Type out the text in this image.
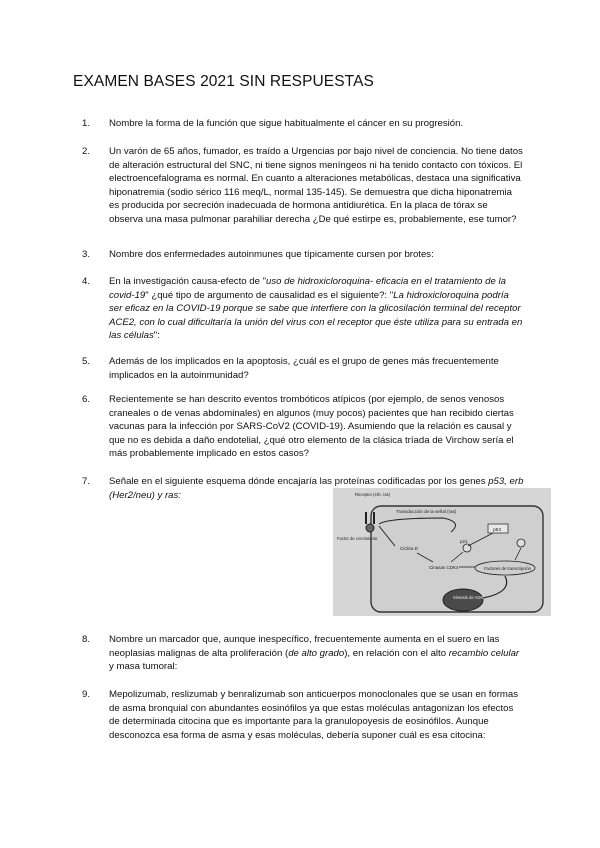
EXAMEN BASES 2021 SIN RESPUESTAS
1. Nombre la forma de la función que sigue habitualmente el cáncer en su progresión.
2. Un varón de 65 años, fumador, es traído a Urgencias por bajo nivel de conciencia. No tiene datos de alteración estructural del SNC, ni tiene signos meníngeos ni ha tenido contacto con tóxicos. El electroencefalograma es normal. En cuanto a alteraciones metabólicas, destaca una significativa hiponatremia (sodio sérico 116 meq/L, normal 135-145). Se demuestra que dicha hiponatremia es producida por secreción inadecuada de hormona antidiurética. En la placa de tórax se observa una masa pulmonar parahiliar derecha ¿De qué estirpe es, probablemente, ese tumor?
3. Nombre dos enfermedades autoinmunes que típicamente cursen por brotes:
4. En la investigación causa-efecto de "uso de hidroxicloroquina- eficacia en el tratamiento de la covid-19" ¿qué tipo de argumento de causalidad es el siguiente?: "La hidroxicloroquina podría ser eficaz en la COVID-19 porque se sabe que interfiere con la glicosilación terminal del receptor ACE2, con lo cual dificultaría la unión del virus con el receptor que éste utiliza para su entrada en las células":
5. Además de los implicados en la apoptosis, ¿cuál es el grupo de genes más frecuentemente implicados en la autoinmunidad?
6. Recientemente se han descrito eventos trombóticos atípicos (por ejemplo, de senos venosos craneales o de venas abdominales) en algunos (muy pocos) pacientes que han recibido ciertas vacunas para la infección por SARS-CoV2 (COVID-19). Asumiendo que la relación es causal y que no es debida a daño endotelial, ¿qué otro elemento de la clásica tríada de Virchow sería el más probablemente implicado en estos casos?
7. Señale en el siguiente esquema dónde encajaría las proteínas codificadas por los genes p53, erb (Her2/neu) y ras:	Receptor (erb, ras)
Factor de crecimiento
Transducción de la señal (ras)
p53
p21
Ciclina D
Cinasas CDK4	Factores de transcripción
Síntesis de ADN
8. Nombre un marcador que, aunque inespecífico, frecuentemente aumenta en el suero en las neoplasias malignas de alta proliferación (de alto grado), en relación con el alto recambio celular y masa tumoral:
9. Mepolizumab, reslizumab y benralizumab son anticuerpos monoclonales que se usan en formas de asma bronquial con abundantes eosinófilos ya que estas moléculas antagonizan los efectos de determinada citocina que es importante para la granulopoyesis de eosinófilos. Aunque desconozca esa forma de asma y esas moléculas, debería suponer cuál es esa citocina:
